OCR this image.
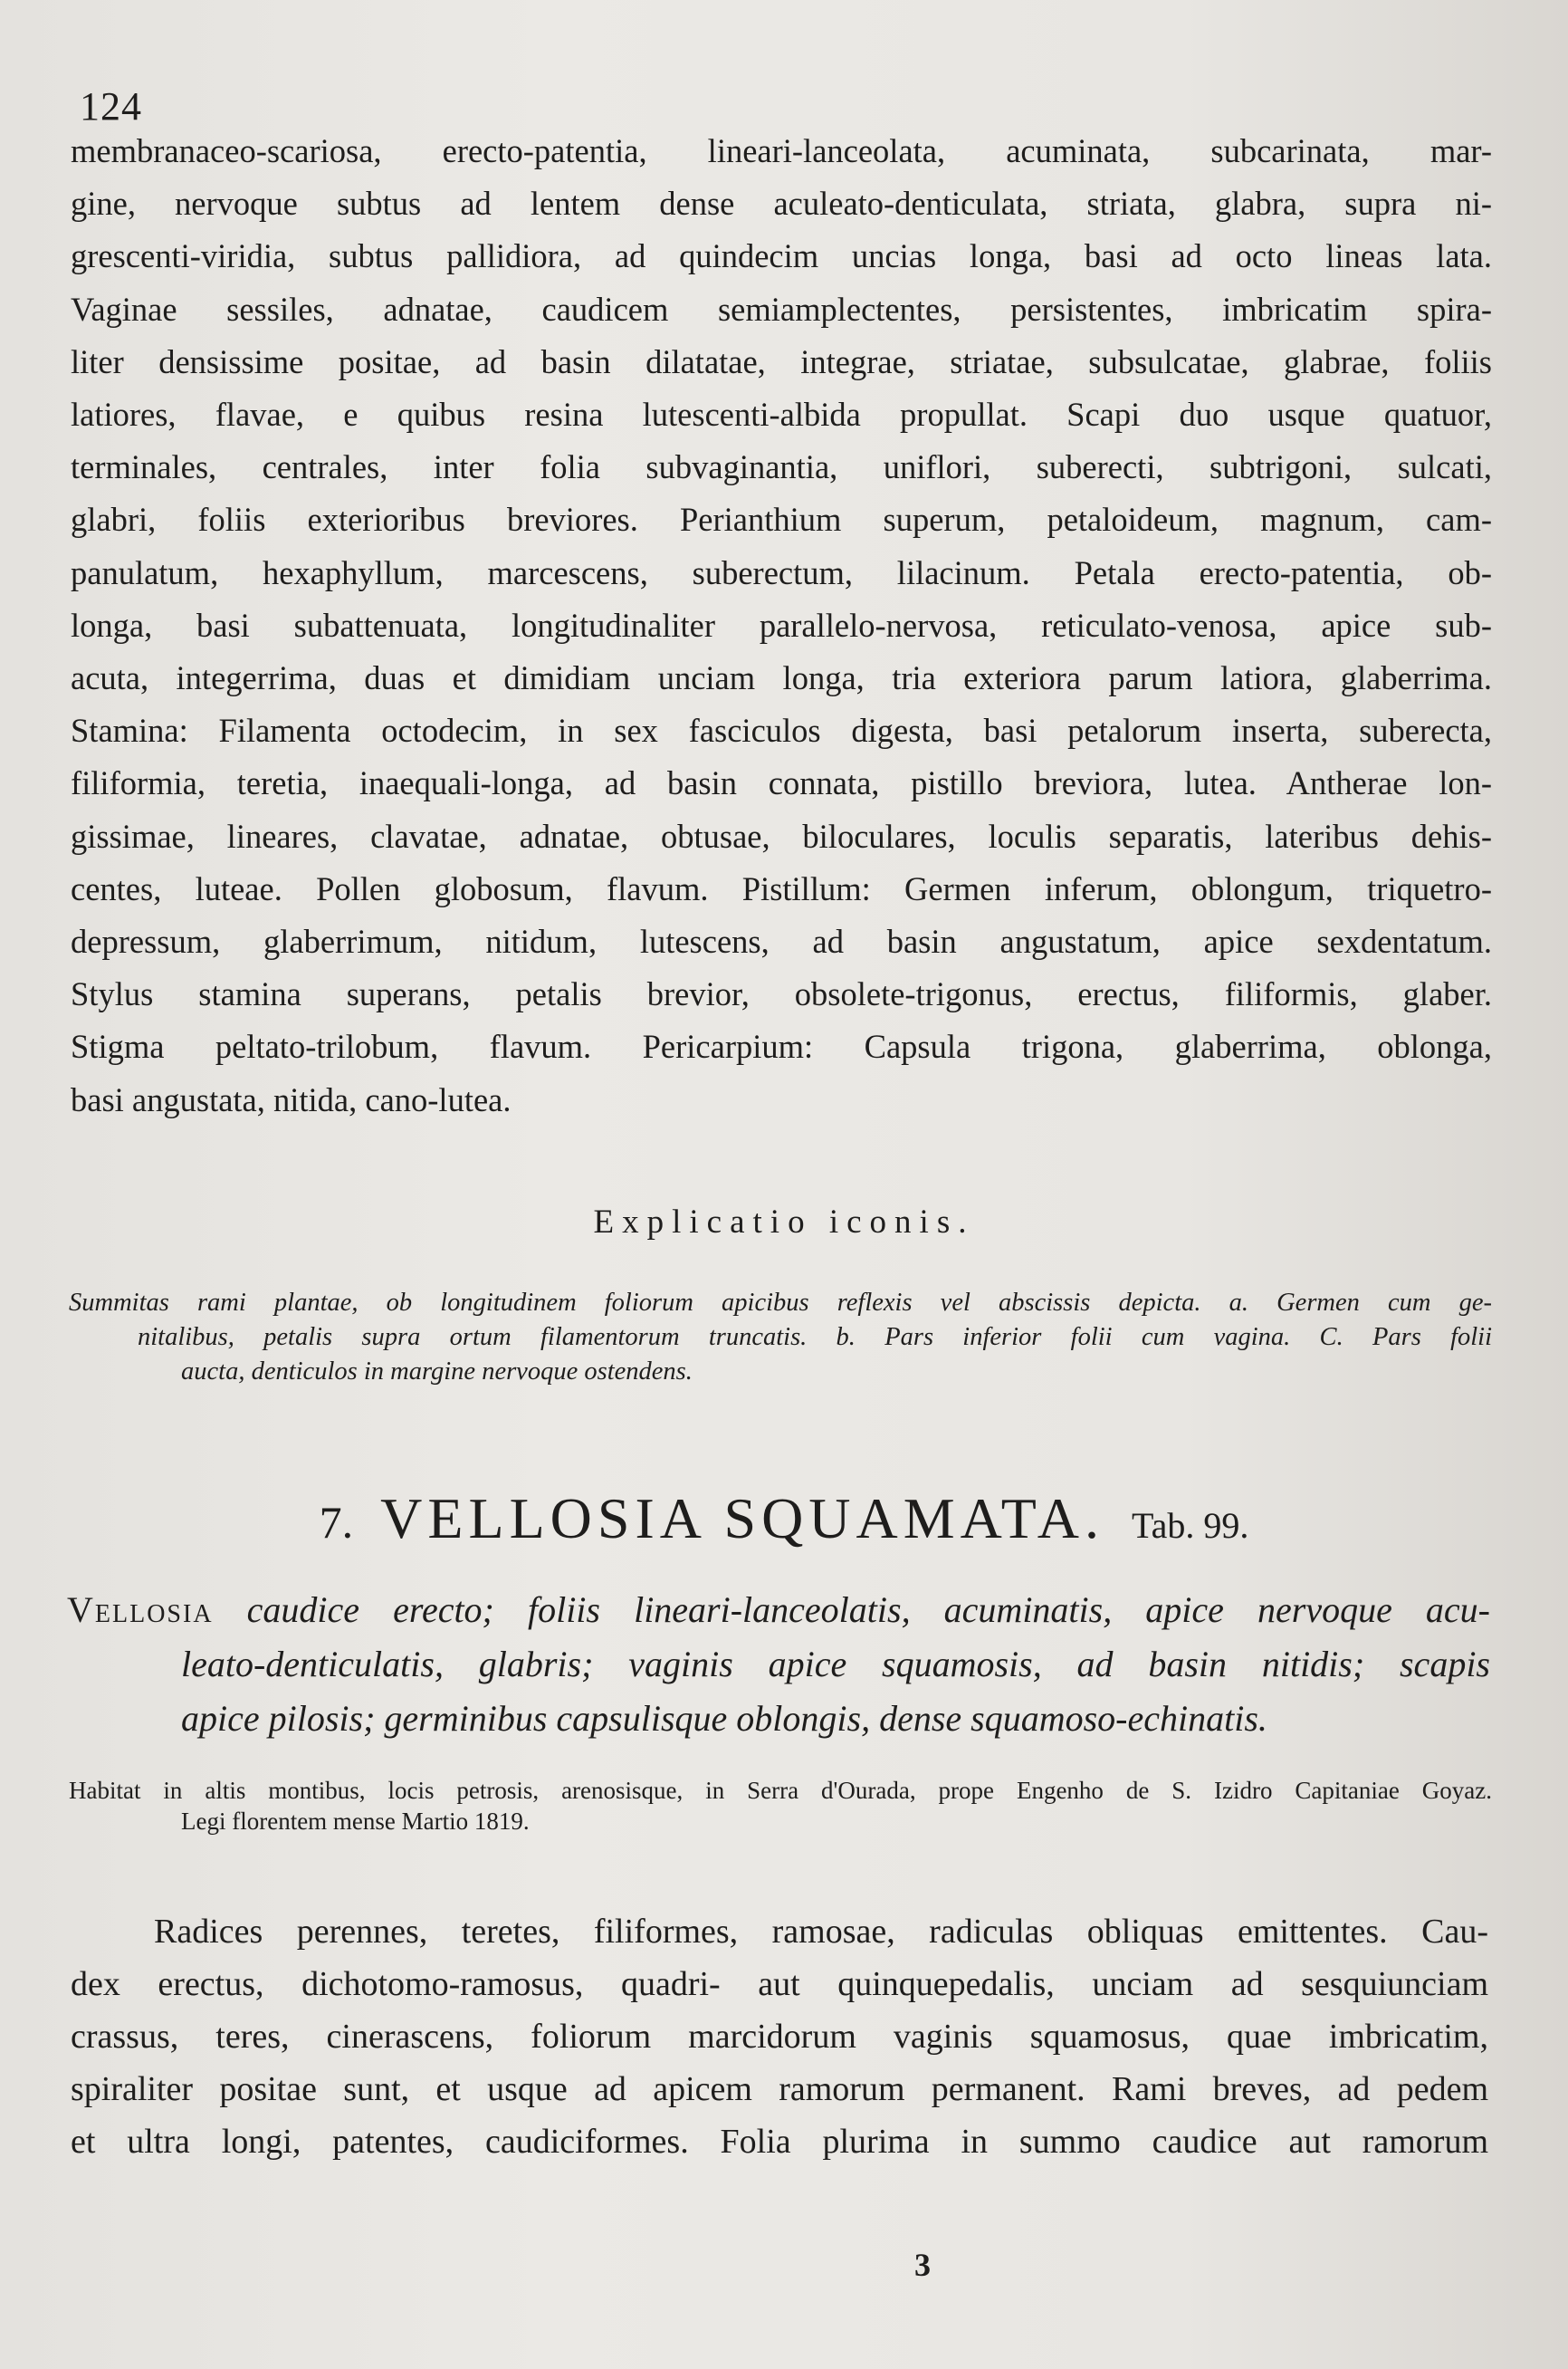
124
membranaceo-scariosa, erecto-patentia, lineari-lanceolata, acuminata, subcarinata, mar-
gine, nervoque subtus ad lentem dense aculeato-denticulata, striata, glabra, supra ni-
grescenti-viridia, subtus pallidiora, ad quindecim uncias longa, basi ad octo lineas lata.
Vaginae sessiles, adnatae, caudicem semiamplectentes, persistentes, imbricatim spira-
liter densissime positae, ad basin dilatatae, integrae, striatae, subsulcatae, glabrae, foliis
latiores, flavae, e quibus resina lutescenti-albida propullat. Scapi duo usque quatuor,
terminales, centrales, inter folia subvaginantia, uniflori, suberecti, subtrigoni, sulcati,
glabri, foliis exterioribus breviores. Perianthium superum, petaloideum, magnum, cam-
panulatum, hexaphyllum, marcescens, suberectum, lilacinum. Petala erecto-patentia, ob-
longa, basi subattenuata, longitudinaliter parallelo-nervosa, reticulato-venosa, apice sub-
acuta, integerrima, duas et dimidiam unciam longa, tria exteriora parum latiora, glaberrima.
Stamina: Filamenta octodecim, in sex fasciculos digesta, basi petalorum inserta, suberecta,
filiformia, teretia, inaequali-longa, ad basin connata, pistillo breviora, lutea. Antherae lon-
gissimae, lineares, clavatae, adnatae, obtusae, biloculares, loculis separatis, lateribus dehis-
centes, luteae. Pollen globosum, flavum. Pistillum: Germen inferum, oblongum, triquetro-
depressum, glaberrimum, nitidum, lutescens, ad basin angustatum, apice sexdentatum.
Stylus stamina superans, petalis brevior, obsolete-trigonus, erectus, filiformis, glaber.
Stigma peltato-trilobum, flavum. Pericarpium: Capsula trigona, glaberrima, oblonga,
basi angustata, nitida, cano-lutea.
Explicatio iconis.
Summitas rami plantae, ob longitudinem foliorum apicibus reflexis vel abscissis depicta. a. Germen cum ge-
nitalibus, petalis supra ortum filamentorum truncatis. b. Pars inferior folii cum vagina. C. Pars folii
aucta, denticulos in margine nervoque ostendens.
7. VELLOSIA SQUAMATA. Tab. 99.
Vellosia caudice erecto; foliis lineari-lanceolatis, acuminatis, apice nervoque acu-
leato-denticulatis, glabris; vaginis apice squamosis, ad basin nitidis; scapis
apice pilosis; germinibus capsulisque oblongis, dense squamoso-echinatis.
Habitat in altis montibus, locis petrosis, arenosisque, in Serra d'Ourada, prope Engenho de S. Izidro Capitaniae Goyaz.
Legi florentem mense Martio 1819.
Radices perennes, teretes, filiformes, ramosae, radiculas obliquas emittentes. Cau-
dex erectus, dichotomo-ramosus, quadri- aut quinquepedalis, unciam ad sesquiunciam
crassus, teres, cinerascens, foliorum marcidorum vaginis squamosus, quae imbricatim,
spiraliter positae sunt, et usque ad apicem ramorum permanent. Rami breves, ad pedem
et ultra longi, patentes, caudiciformes. Folia plurima in summo caudice aut ramorum
3
